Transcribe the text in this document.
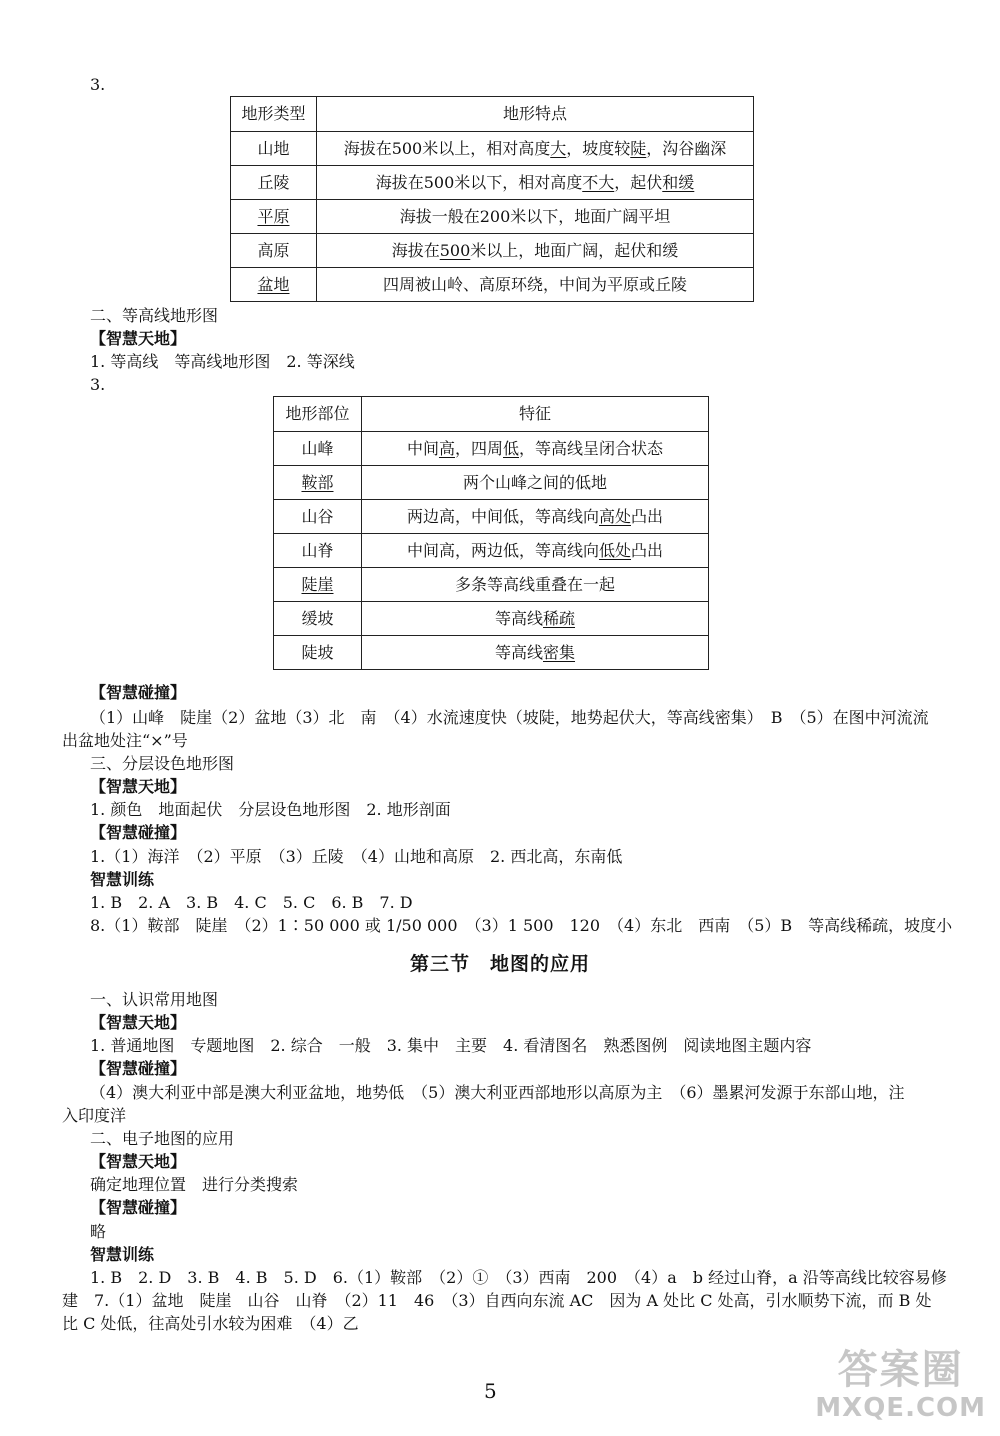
3.
地形类型	地形特点
山地	海拔在500米以上，相对高度大，坡度较陡，沟谷幽深
丘陵	海拔在500米以下，相对高度不大，起伏和缓
平原	海拔一般在200米以下，地面广阔平坦
高原	海拔在500米以上，地面广阔，起伏和缓
盆地	四周被山岭、高原环绕，中间为平原或丘陵
二、等高线地形图
【智慧天地】
1. 等高线　等高线地形图　2. 等深线
3.
地形部位	特征
山峰	中间高，四周低，等高线呈闭合状态
鞍部	两个山峰之间的低地
山谷	两边高，中间低，等高线向高处凸出
山脊	中间高，两边低，等高线向低处凸出
陡崖	多条等高线重叠在一起
缓坡	等高线稀疏
陡坡	等高线密集
【智慧碰撞】
（1）山峰　陡崖（2）盆地（3）北　南　（4）水流速度快（坡陡，地势起伏大，等高线密集）　B　（5）在图中河流流
出盆地处注“×”号
三、分层设色地形图
【智慧天地】
1. 颜色　地面起伏　分层设色地形图　2. 地形剖面
【智慧碰撞】
1.（1）海洋　（2）平原　（3）丘陵　（4）山地和高原　2. 西北高，东南低
智慧训练
1. B　2. A　3. B　4. C　5. C　6. B　7. D
8.（1）鞍部　陡崖　（2）1∶50 000 或 1/50 000　（3）1 500　120　（4）东北　西南　（5）B　等高线稀疏，坡度小
第三节　地图的应用
一、认识常用地图
【智慧天地】
1. 普通地图　专题地图　2. 综合　一般　3. 集中　主要　4. 看清图名　熟悉图例　阅读地图主题内容
【智慧碰撞】
（4）澳大利亚中部是澳大利亚盆地，地势低　（5）澳大利亚西部地形以高原为主　（6）墨累河发源于东部山地，注
入印度洋
二、电子地图的应用
【智慧天地】
确定地理位置　进行分类搜索
【智慧碰撞】
略
智慧训练
1. B　2. D　3. B　4. B　5. D　6.（1）鞍部　（2）①　（3）西南　200　（4）a　b 经过山脊，a 沿等高线比较容易修
建　7.（1）盆地　陡崖　山谷　山脊　（2）11　46　（3）自西向东流 AC　因为 A 处比 C 处高，引水顺势下流，而 B 处
比 C 处低，往高处引水较为困难　（4）乙
5	答案圈
MXQE.COM
